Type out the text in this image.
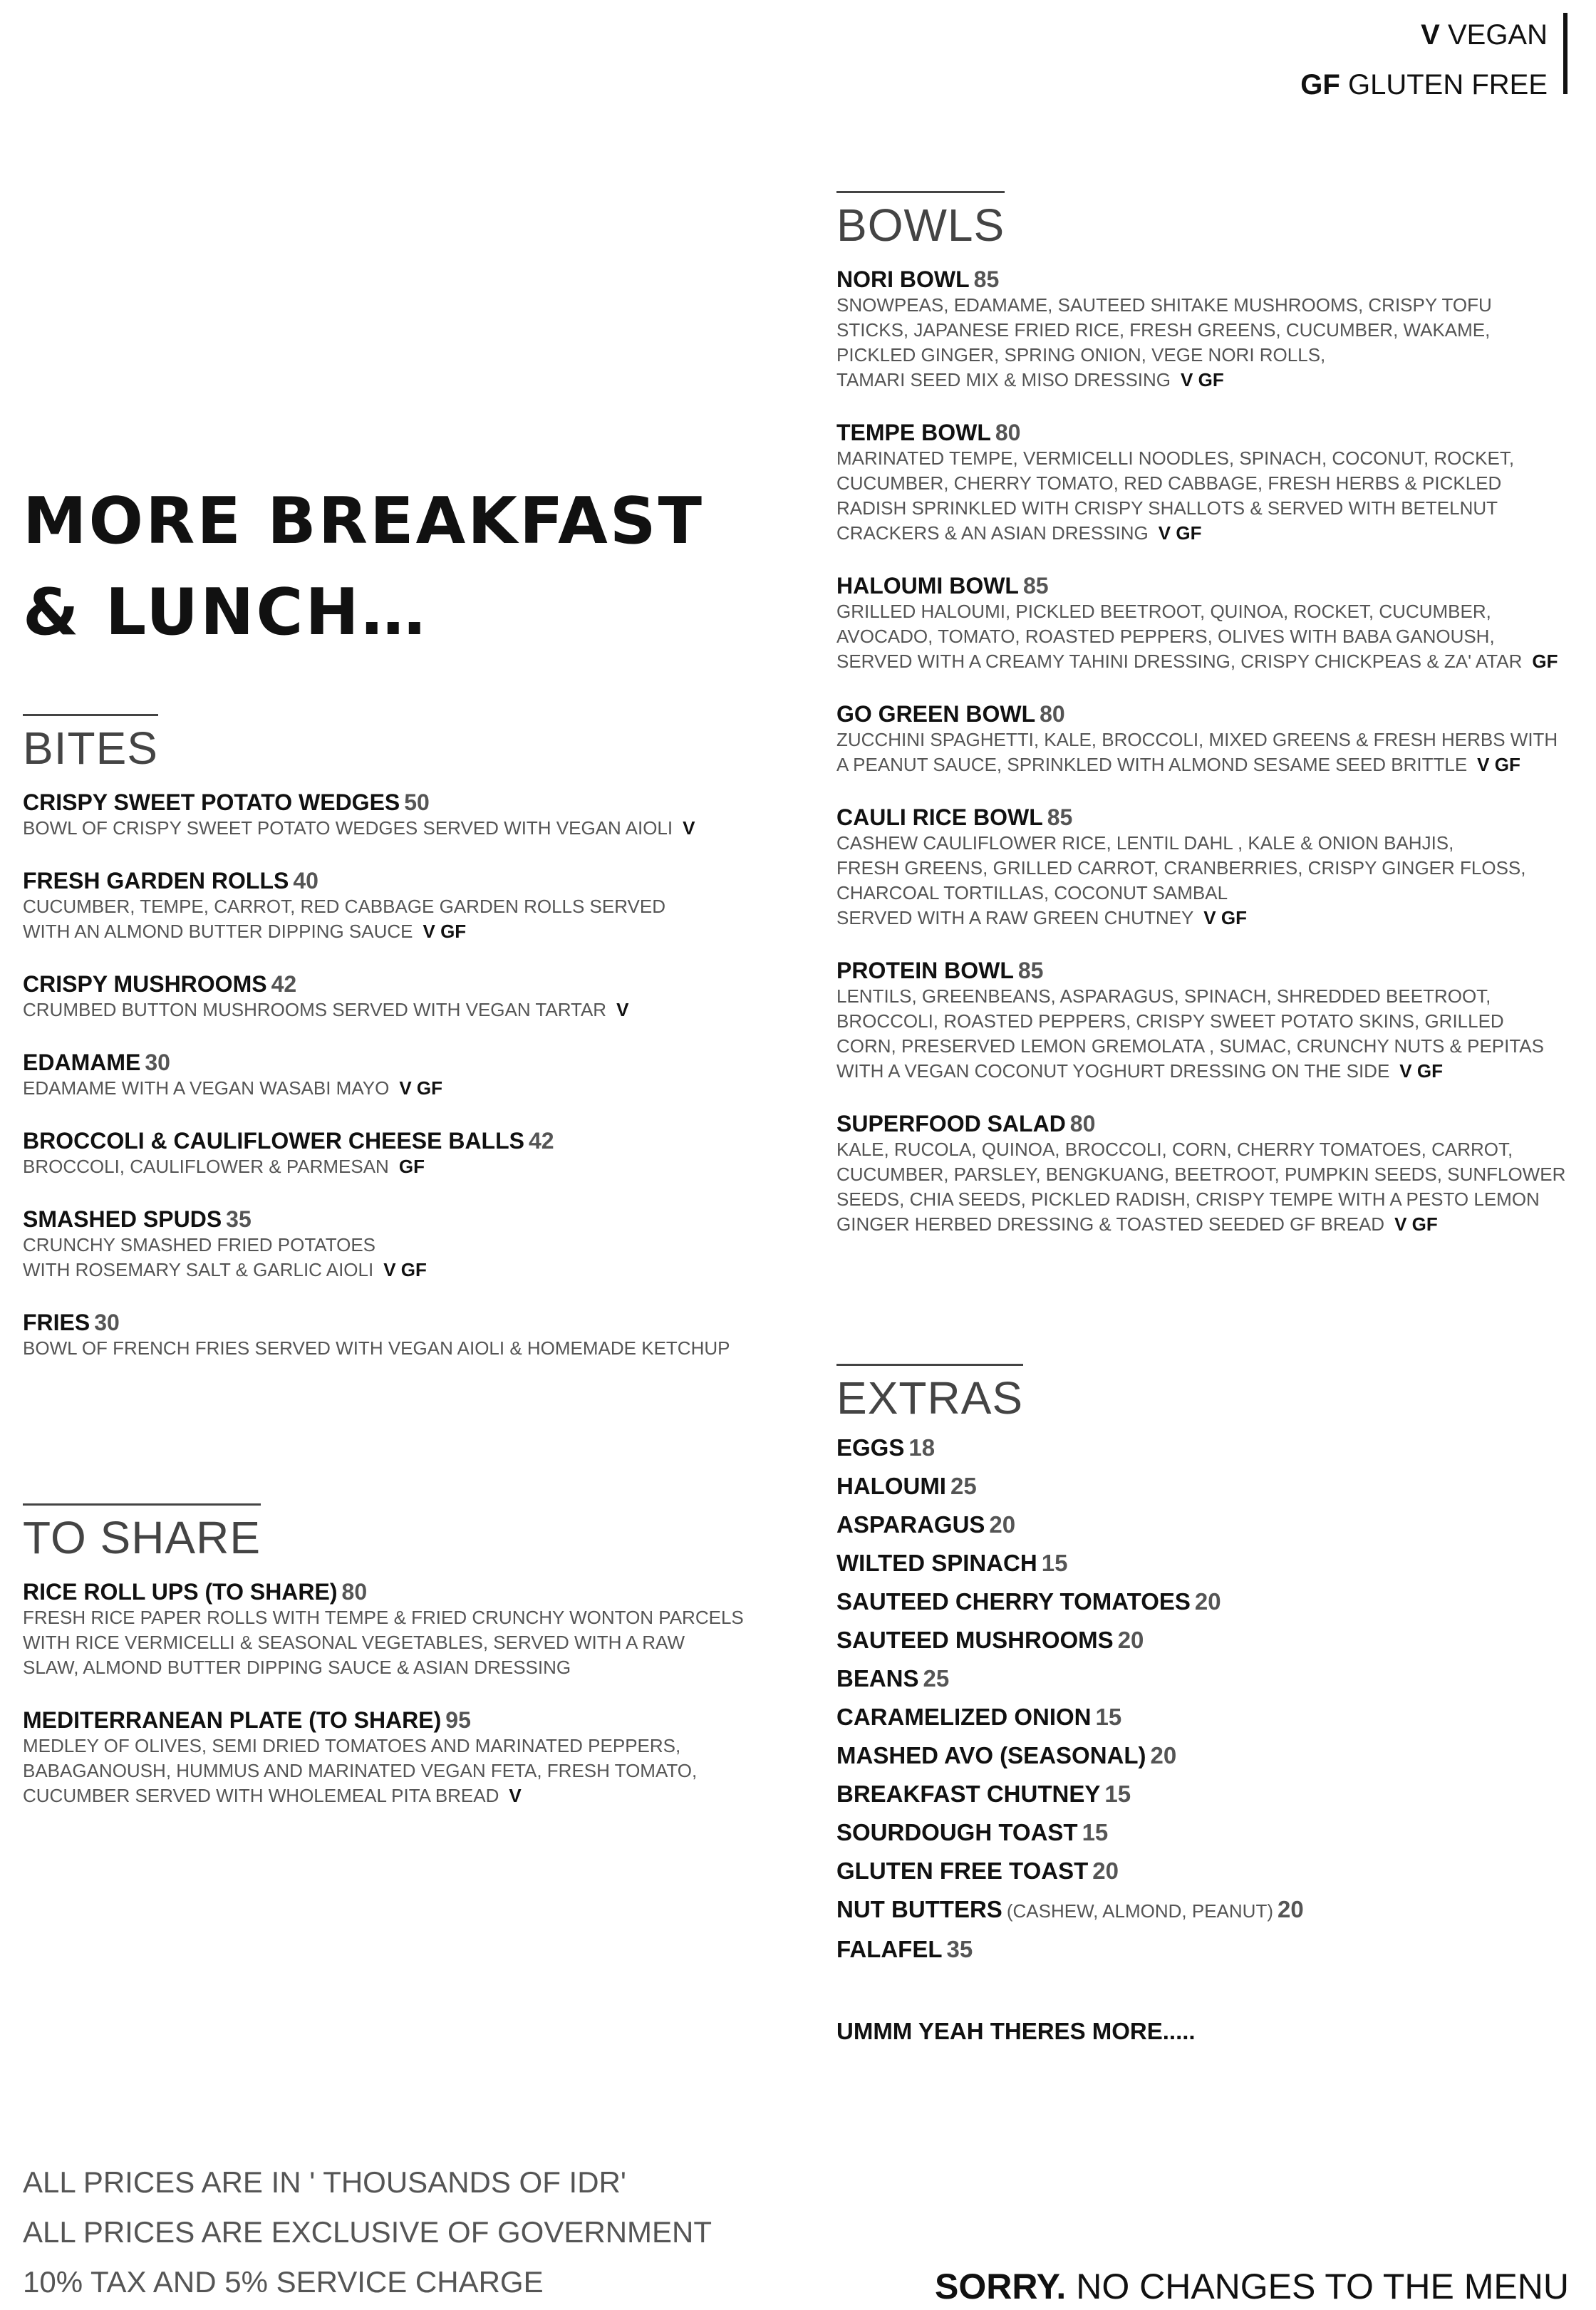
V VEGAN
GF GLUTEN FREE
MORE BREAKFAST
& LUNCH…
BITES
CRISPY SWEET POTATO WEDGES 50
BOWL OF CRISPY SWEET POTATO WEDGES SERVED WITH VEGAN AIOLI V
FRESH GARDEN ROLLS 40
CUCUMBER, TEMPE, CARROT, RED CABBAGE GARDEN ROLLS SERVED
WITH AN ALMOND BUTTER DIPPING SAUCE V GF
CRISPY MUSHROOMS 42
CRUMBED BUTTON MUSHROOMS SERVED WITH VEGAN TARTAR V
EDAMAME 30
EDAMAME WITH A VEGAN WASABI MAYO V GF
BROCCOLI & CAULIFLOWER CHEESE BALLS 42
BROCCOLI, CAULIFLOWER & PARMESAN GF
SMASHED SPUDS 35
CRUNCHY SMASHED FRIED POTATOES
WITH ROSEMARY SALT & GARLIC AIOLI V GF
FRIES 30
BOWL OF FRENCH FRIES SERVED WITH VEGAN AIOLI & HOMEMADE KETCHUP
TO SHARE
RICE ROLL UPS (TO SHARE) 80
FRESH RICE PAPER ROLLS WITH TEMPE & FRIED CRUNCHY WONTON PARCELS
WITH RICE VERMICELLI & SEASONAL VEGETABLES, SERVED WITH A RAW
SLAW, ALMOND BUTTER DIPPING SAUCE & ASIAN DRESSING
MEDITERRANEAN PLATE (TO SHARE) 95
MEDLEY OF OLIVES, SEMI DRIED TOMATOES AND MARINATED PEPPERS,
BABAGANOUSH, HUMMUS AND MARINATED VEGAN FETA, FRESH TOMATO,
CUCUMBER SERVED WITH WHOLEMEAL PITA BREAD V
BOWLS
NORI BOWL 85
SNOWPEAS, EDAMAME, SAUTEED SHITAKE MUSHROOMS, CRISPY TOFU
STICKS, JAPANESE FRIED RICE, FRESH GREENS, CUCUMBER, WAKAME,
PICKLED GINGER, SPRING ONION, VEGE NORI ROLLS,
TAMARI SEED MIX & MISO DRESSING V GF
TEMPE BOWL 80
MARINATED TEMPE, VERMICELLI NOODLES, SPINACH, COCONUT, ROCKET,
CUCUMBER, CHERRY TOMATO, RED CABBAGE, FRESH HERBS & PICKLED
RADISH SPRINKLED WITH CRISPY SHALLOTS & SERVED WITH BETELNUT
CRACKERS & AN ASIAN DRESSING V GF
HALOUMI BOWL 85
GRILLED HALOUMI, PICKLED BEETROOT, QUINOA, ROCKET, CUCUMBER,
AVOCADO, TOMATO, ROASTED PEPPERS, OLIVES WITH BABA GANOUSH,
SERVED WITH A CREAMY TAHINI DRESSING, CRISPY CHICKPEAS & ZA' ATAR GF
GO GREEN BOWL 80
ZUCCHINI SPAGHETTI, KALE, BROCCOLI, MIXED GREENS & FRESH HERBS WITH
A PEANUT SAUCE, SPRINKLED WITH ALMOND SESAME SEED BRITTLE V GF
CAULI RICE BOWL 85
CASHEW CAULIFLOWER RICE, LENTIL DAHL , KALE & ONION BAHJIS,
FRESH GREENS, GRILLED CARROT, CRANBERRIES, CRISPY GINGER FLOSS,
CHARCOAL TORTILLAS, COCONUT SAMBAL
SERVED WITH A RAW GREEN CHUTNEY V GF
PROTEIN BOWL 85
LENTILS, GREENBEANS, ASPARAGUS, SPINACH, SHREDDED BEETROOT,
BROCCOLI, ROASTED PEPPERS, CRISPY SWEET POTATO SKINS, GRILLED
CORN, PRESERVED LEMON GREMOLATA , SUMAC, CRUNCHY NUTS & PEPITAS
WITH A VEGAN COCONUT YOGHURT DRESSING ON THE SIDE V GF
SUPERFOOD SALAD 80
KALE, RUCOLA, QUINOA, BROCCOLI, CORN, CHERRY TOMATOES, CARROT,
CUCUMBER, PARSLEY, BENGKUANG, BEETROOT, PUMPKIN SEEDS, SUNFLOWER
SEEDS, CHIA SEEDS, PICKLED RADISH, CRISPY TEMPE WITH A PESTO LEMON
GINGER HERBED DRESSING & TOASTED SEEDED GF BREAD V GF
EXTRAS
EGGS 18
HALOUMI 25
ASPARAGUS 20
WILTED SPINACH 15
SAUTEED CHERRY TOMATOES 20
SAUTEED MUSHROOMS 20
BEANS 25
CARAMELIZED ONION 15
MASHED AVO (SEASONAL) 20
BREAKFAST CHUTNEY 15
SOURDOUGH TOAST 15
GLUTEN FREE TOAST 20
NUT BUTTERS (CASHEW, ALMOND, PEANUT) 20
FALAFEL 35
UMMM YEAH THERES MORE.....
ALL PRICES ARE IN ' THOUSANDS OF IDR'
ALL PRICES ARE EXCLUSIVE OF GOVERNMENT
10% TAX AND 5% SERVICE CHARGE	SORRY. NO CHANGES TO THE MENU
